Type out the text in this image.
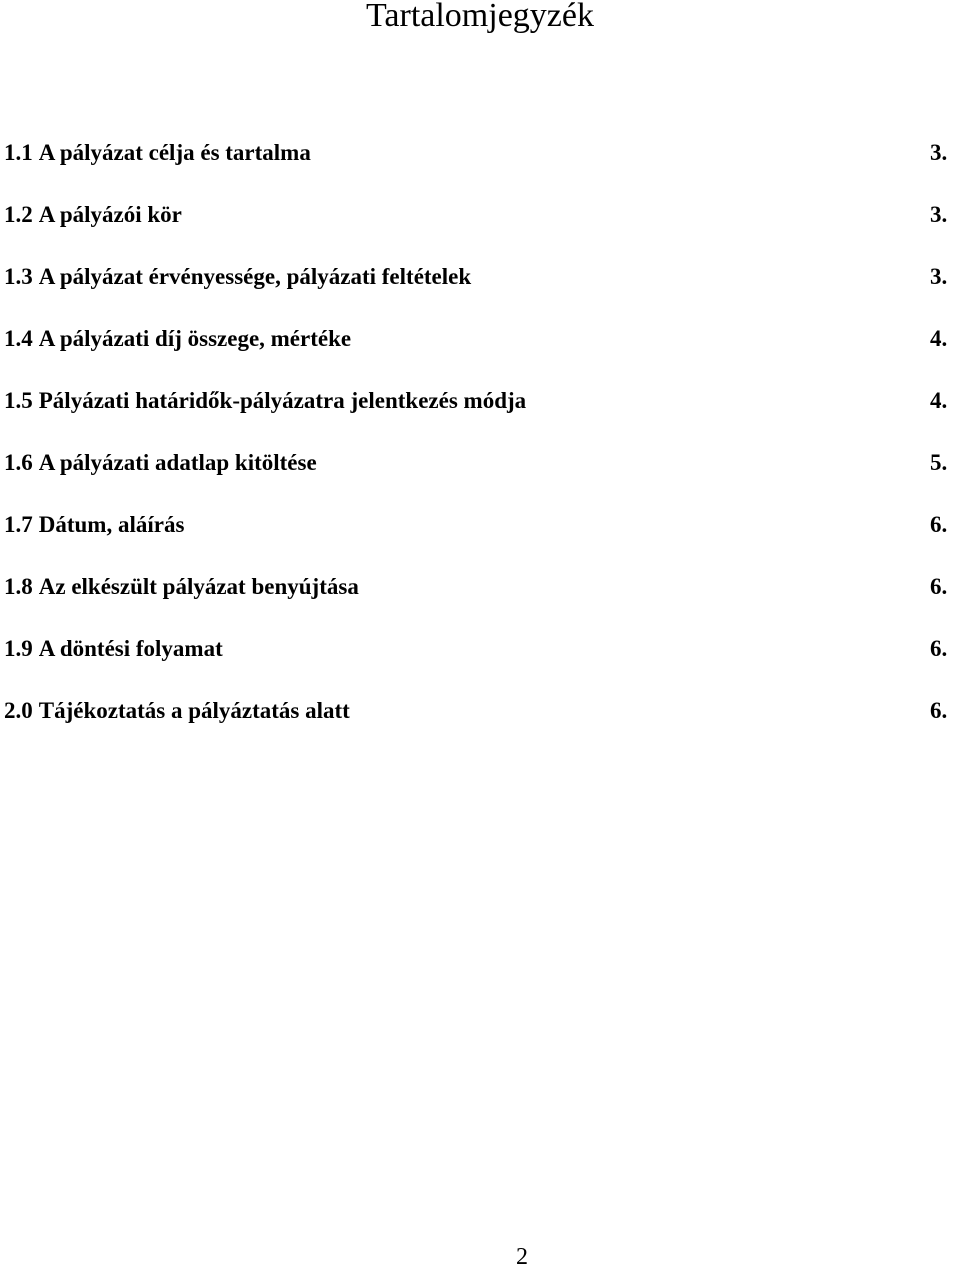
Tartalomjegyzék
1.1 A pályázat célja és tartalma	3.
1.2 A pályázói kör	3.
1.3 A pályázat érvényessége, pályázati feltételek	3.
1.4 A pályázati díj összege, mértéke	4.
1.5 Pályázati határidők-pályázatra jelentkezés módja	4.
1.6 A pályázati adatlap kitöltése	5.
1.7 Dátum, aláírás	6.
1.8 Az elkészült pályázat benyújtása	6.
1.9 A döntési folyamat	6.
2.0 Tájékoztatás a pályáztatás alatt	6.
2
